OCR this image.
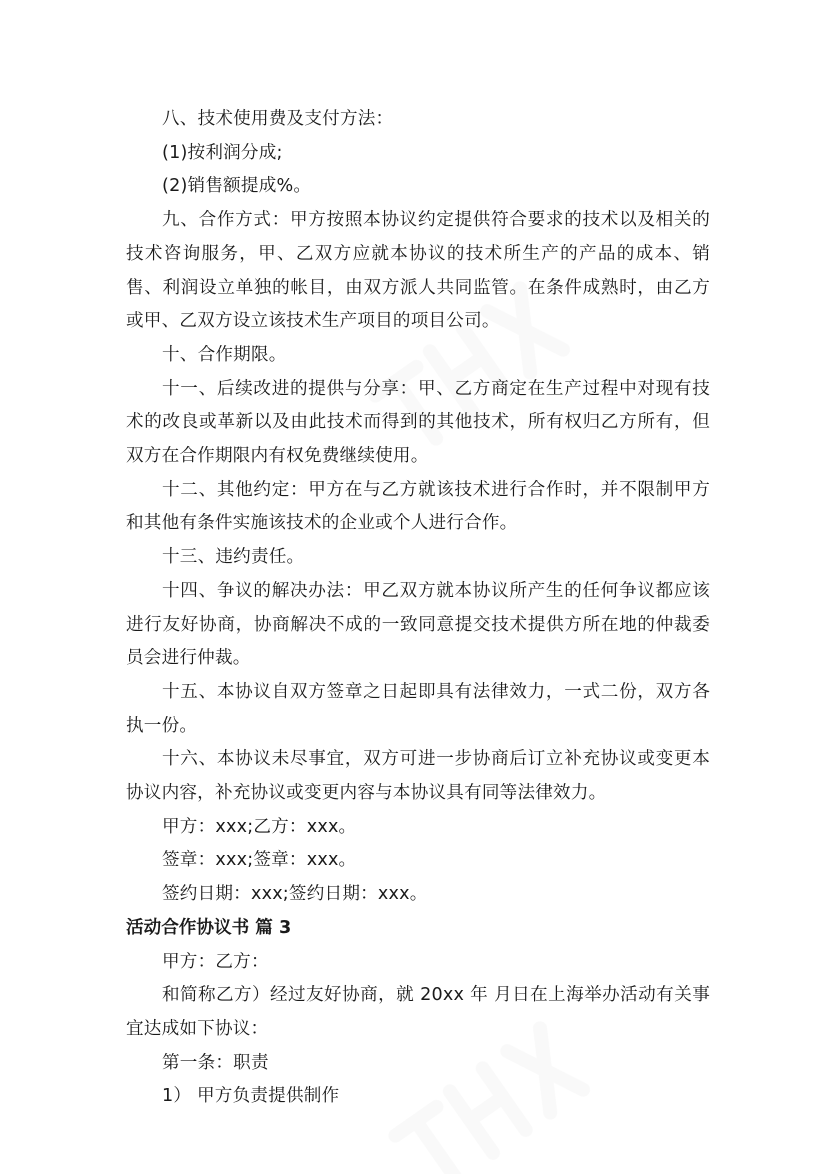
八、技术使用费及支付方法：

(1)按利润分成;

(2)销售额提成%。

九、合作方式：甲方按照本协议约定提供符合要求的技术以及相关的技术咨询服务，甲、乙双方应就本协议的技术所生产的产品的成本、销售、利润设立单独的帐目，由双方派人共同监管。在条件成熟时，由乙方或甲、乙双方设立该技术生产项目的项目公司。

十、合作期限。

十一、后续改进的提供与分享：甲、乙方商定在生产过程中对现有技术的改良或革新以及由此技术而得到的其他技术，所有权归乙方所有，但双方在合作期限内有权免费继续使用。

十二、其他约定：甲方在与乙方就该技术进行合作时，并不限制甲方和其他有条件实施该技术的企业或个人进行合作。

十三、违约责任。

十四、争议的解决办法：甲乙双方就本协议所产生的任何争议都应该进行友好协商，协商解决不成的一致同意提交技术提供方所在地的仲裁委员会进行仲裁。

十五、本协议自双方签章之日起即具有法律效力，一式二份，双方各执一份。

十六、本协议未尽事宜，双方可进一步协商后订立补充协议或变更本协议内容，补充协议或变更内容与本协议具有同等法律效力。

甲方：xxx;乙方：xxx。

签章：xxx;签章：xxx。

签约日期：xxx;签约日期：xxx。

活动合作协议书 篇 3

甲方：乙方：

和简称乙方）经过友好协商，就 20xx 年 月日在上海举办活动有关事宜达成如下协议：

第一条：职责

1） 甲方负责提供制作
